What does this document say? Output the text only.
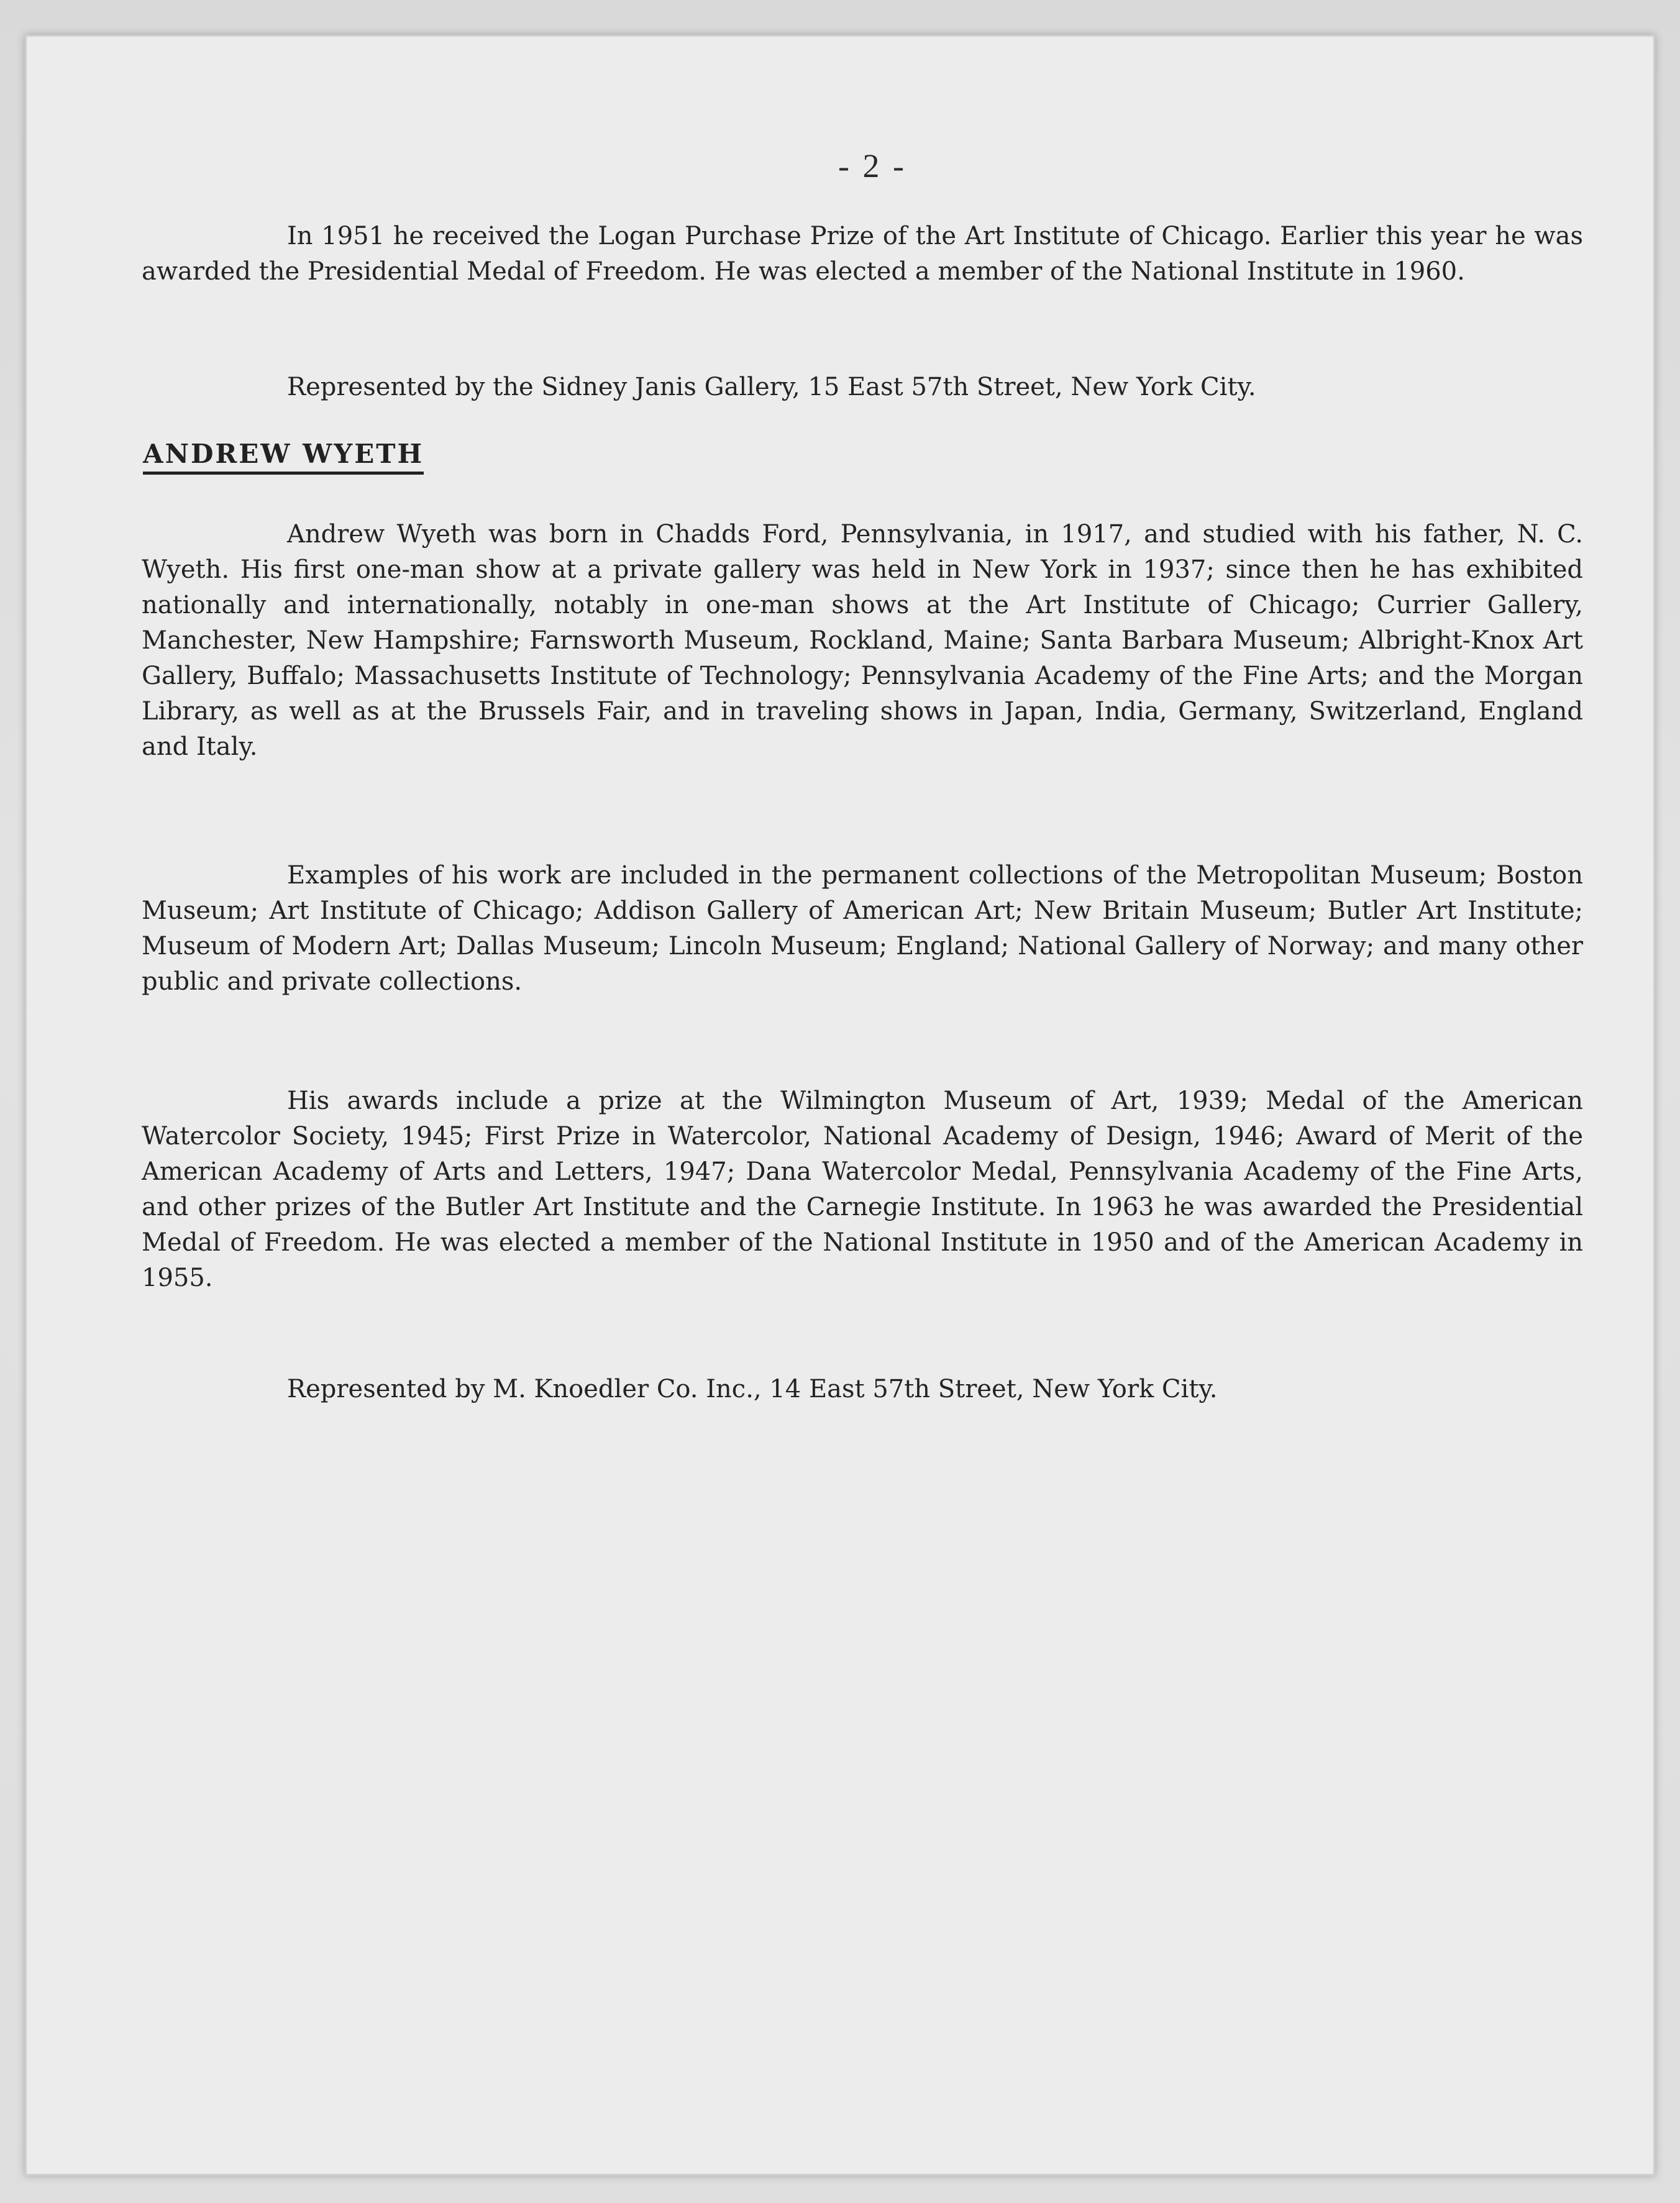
- 2 -

In 1951 he received the Logan Purchase Prize of the Art Institute of Chicago. Earlier this year he was awarded the Presidential Medal of Freedom. He was elected a member of the National Institute in 1960.

Represented by the Sidney Janis Gallery, 15 East 57th Street, New York City.

ANDREW WYETH

Andrew Wyeth was born in Chadds Ford, Pennsylvania, in 1917, and studied with his father, N. C. Wyeth. His first one-man show at a private gallery was held in New York in 1937; since then he has exhibited nationally and internationally, notably in one-man shows at the Art Institute of Chicago; Currier Gallery, Manchester, New Hampshire; Farnsworth Museum, Rockland, Maine; Santa Barbara Museum; Albright-Knox Art Gallery, Buffalo; Massachusetts Institute of Technology; Pennsylvania Academy of the Fine Arts; and the Morgan Library, as well as at the Brussels Fair, and in traveling shows in Japan, India, Germany, Switzerland, England and Italy.

Examples of his work are included in the permanent collections of the Metropolitan Museum; Boston Museum; Art Institute of Chicago; Addison Gallery of American Art; New Britain Museum; Butler Art Institute; Museum of Modern Art; Dallas Museum; Lincoln Museum; England; National Gallery of Norway; and many other public and private collections.

His awards include a prize at the Wilmington Museum of Art, 1939; Medal of the American Watercolor Society, 1945; First Prize in Watercolor, National Academy of Design, 1946; Award of Merit of the American Academy of Arts and Letters, 1947; Dana Watercolor Medal, Pennsylvania Academy of the Fine Arts, and other prizes of the Butler Art Institute and the Carnegie Institute. In 1963 he was awarded the Presidential Medal of Freedom. He was elected a member of the National Institute in 1950 and of the American Academy in 1955.

Represented by M. Knoedler Co. Inc., 14 East 57th Street, New York City.
